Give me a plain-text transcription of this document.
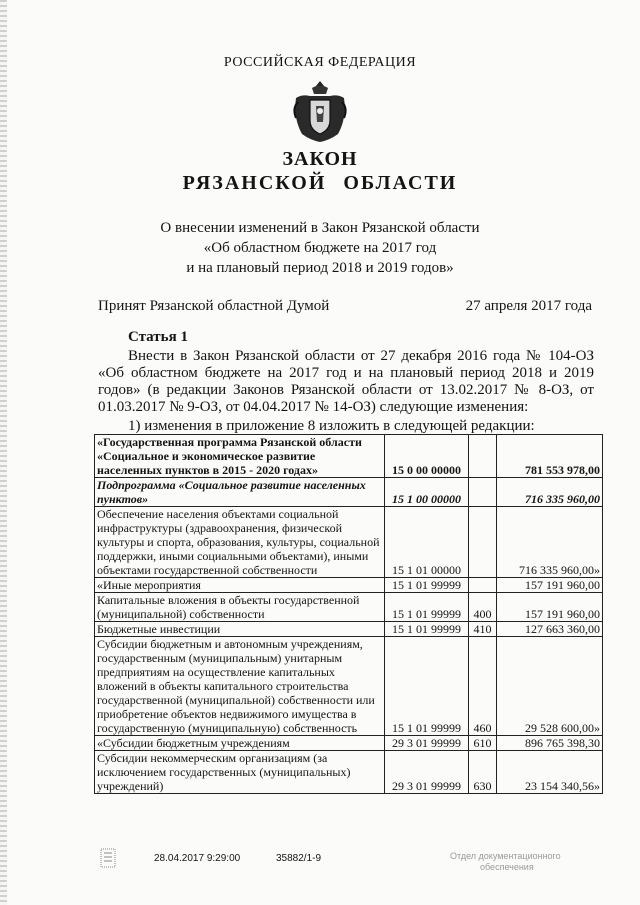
РОССИЙСКАЯ ФЕДЕРАЦИЯ
ЗАКОН
РЯЗАНСКОЙ ОБЛАСТИ
О внесении изменений в Закон Рязанской области
«Об областном бюджете на 2017 год
и на плановый период 2018 и 2019 годов»
Принят Рязанской областной Думой	27 апреля 2017 года
Статья 1
Внести в Закон Рязанской области от 27 декабря 2016 года № 104-ОЗ «Об областном бюджете на 2017 год и на плановый период 2018 и 2019 годов» (в редакции Законов Рязанской области от 13.02.2017 № 8-ОЗ, от 01.03.2017 № 9-ОЗ, от 04.04.2017 № 14-ОЗ) следующие изменения:
1) изменения в приложение 8 изложить в следующей редакции:
«Государственная программа Рязанской области «Социальное и экономическое развитие населенных пунктов в 2015 - 2020 годах»	15 0 00 00000		781 553 978,00
Подпрограмма «Социальное развитие населенных пунктов»	15 1 00 00000		716 335 960,00
Обеспечение населения объектами социальной инфраструктуры (здравоохранения, физической культуры и спорта, образования, культуры, социальной поддержки, иными социальными объектами), иными объектами государственной собственности	15 1 01 00000		716 335 960,00»
«Иные мероприятия	15 1 01 99999		157 191 960,00
Капитальные вложения в объекты государственной (муниципальной) собственности	15 1 01 99999	400	157 191 960,00
Бюджетные инвестиции	15 1 01 99999	410	127 663 360,00
Субсидии бюджетным и автономным учреждениям, государственным (муниципальным) унитарным предприятиям на осуществление капитальных вложений в объекты капитального строительства государственной (муниципальной) собственности или приобретение объектов недвижимого имущества в государственную (муниципальную) собственность	15 1 01 99999	460	29 528 600,00»
«Субсидии бюджетным учреждениям	29 3 01 99999	610	896 765 398,30
Субсидии некоммерческим организациям (за исключением государственных (муниципальных) учреждений)	29 3 01 99999	630	23 154 340,56»
28.04.2017 9:29:00	35882/1-9	Отдел документационного
обеспечения
